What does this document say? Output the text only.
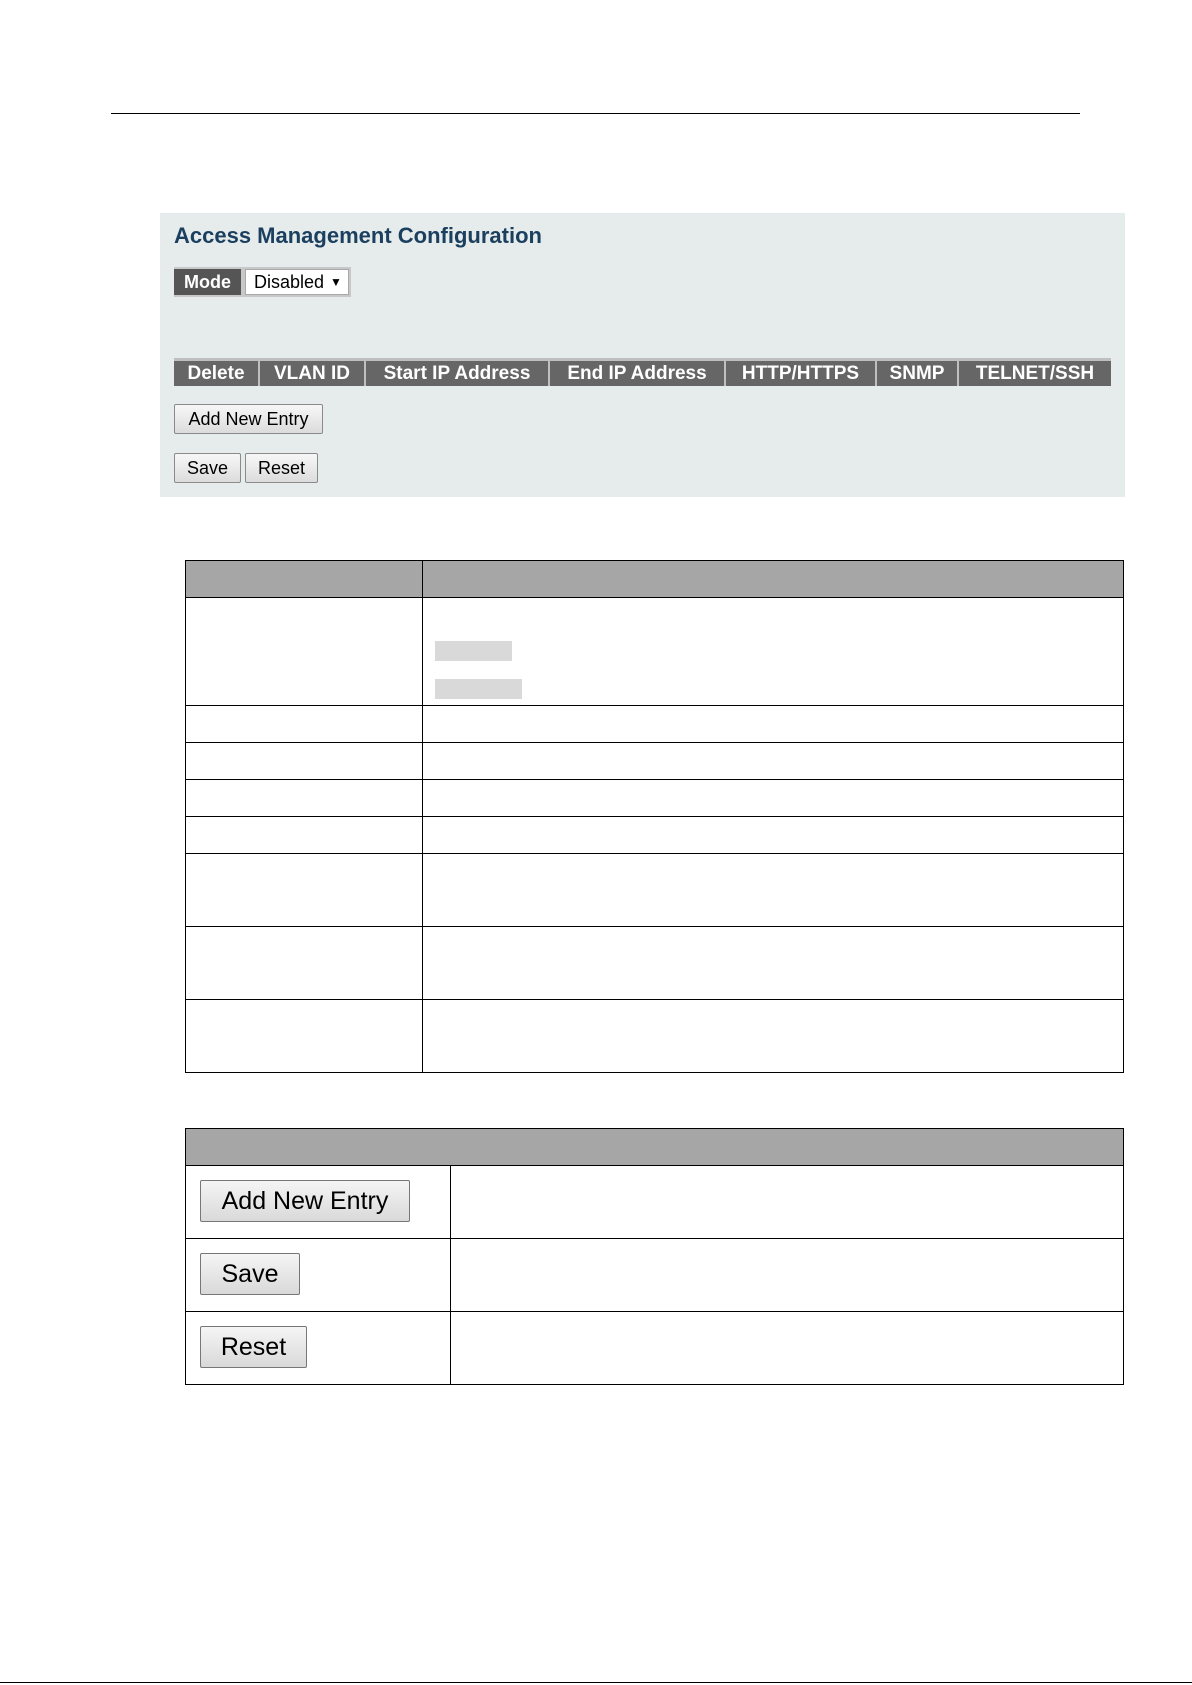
Access Management Configuration
Mode	Disabled ▼
Delete	VLAN ID	Start IP Address	End IP Address	HTTP/HTTPS	SNMP	TELNET/SSH
Add New Entry
Save	Reset

Add New Entry	

Save	

Reset	
